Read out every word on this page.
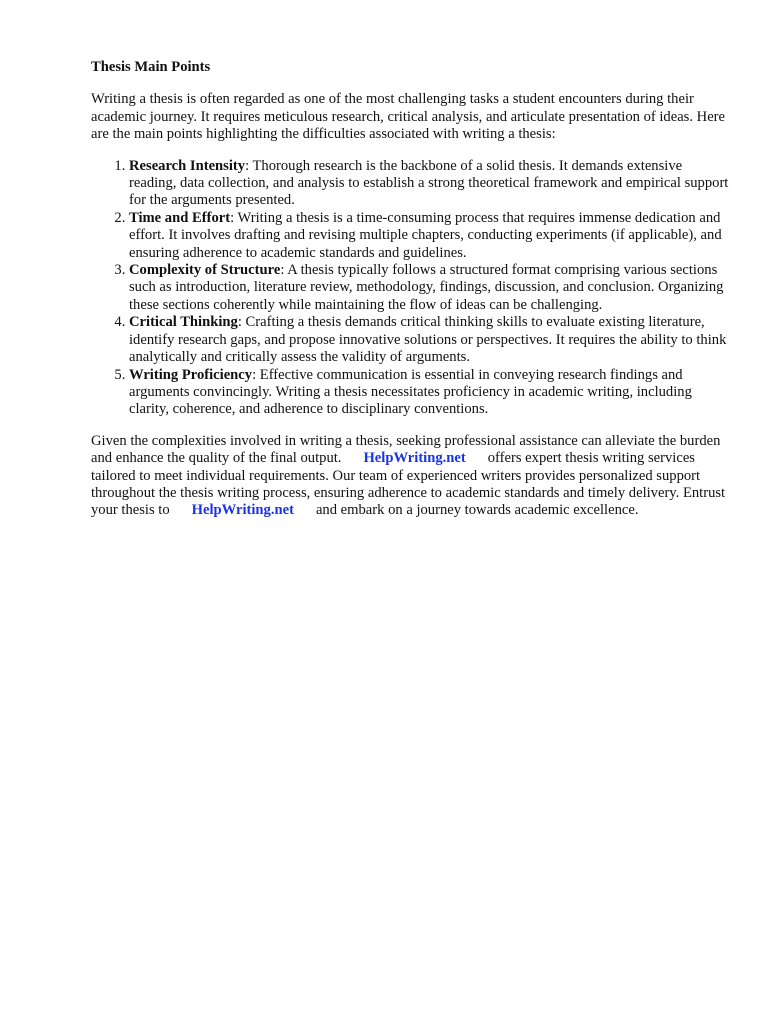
Thesis Main Points

Writing a thesis is often regarded as one of the most challenging tasks a student encounters during their academic journey. It requires meticulous research, critical analysis, and articulate presentation of ideas. Here are the main points highlighting the difficulties associated with writing a thesis:

1. Research Intensity: Thorough research is the backbone of a solid thesis. It demands extensive reading, data collection, and analysis to establish a strong theoretical framework and empirical support for the arguments presented.
2. Time and Effort: Writing a thesis is a time-consuming process that requires immense dedication and effort. It involves drafting and revising multiple chapters, conducting experiments (if applicable), and ensuring adherence to academic standards and guidelines.
3. Complexity of Structure: A thesis typically follows a structured format comprising various sections such as introduction, literature review, methodology, findings, discussion, and conclusion. Organizing these sections coherently while maintaining the flow of ideas can be challenging.
4. Critical Thinking: Crafting a thesis demands critical thinking skills to evaluate existing literature, identify research gaps, and propose innovative solutions or perspectives. It requires the ability to think analytically and critically assess the validity of arguments.
5. Writing Proficiency: Effective communication is essential in conveying research findings and arguments convincingly. Writing a thesis necessitates proficiency in academic writing, including clarity, coherence, and adherence to disciplinary conventions.

Given the complexities involved in writing a thesis, seeking professional assistance can alleviate the burden and enhance the quality of the final output. HelpWriting.net offers expert thesis writing services tailored to meet individual requirements. Our team of experienced writers provides personalized support throughout the thesis writing process, ensuring adherence to academic standards and timely delivery. Entrust your thesis to HelpWriting.net and embark on a journey towards academic excellence.
